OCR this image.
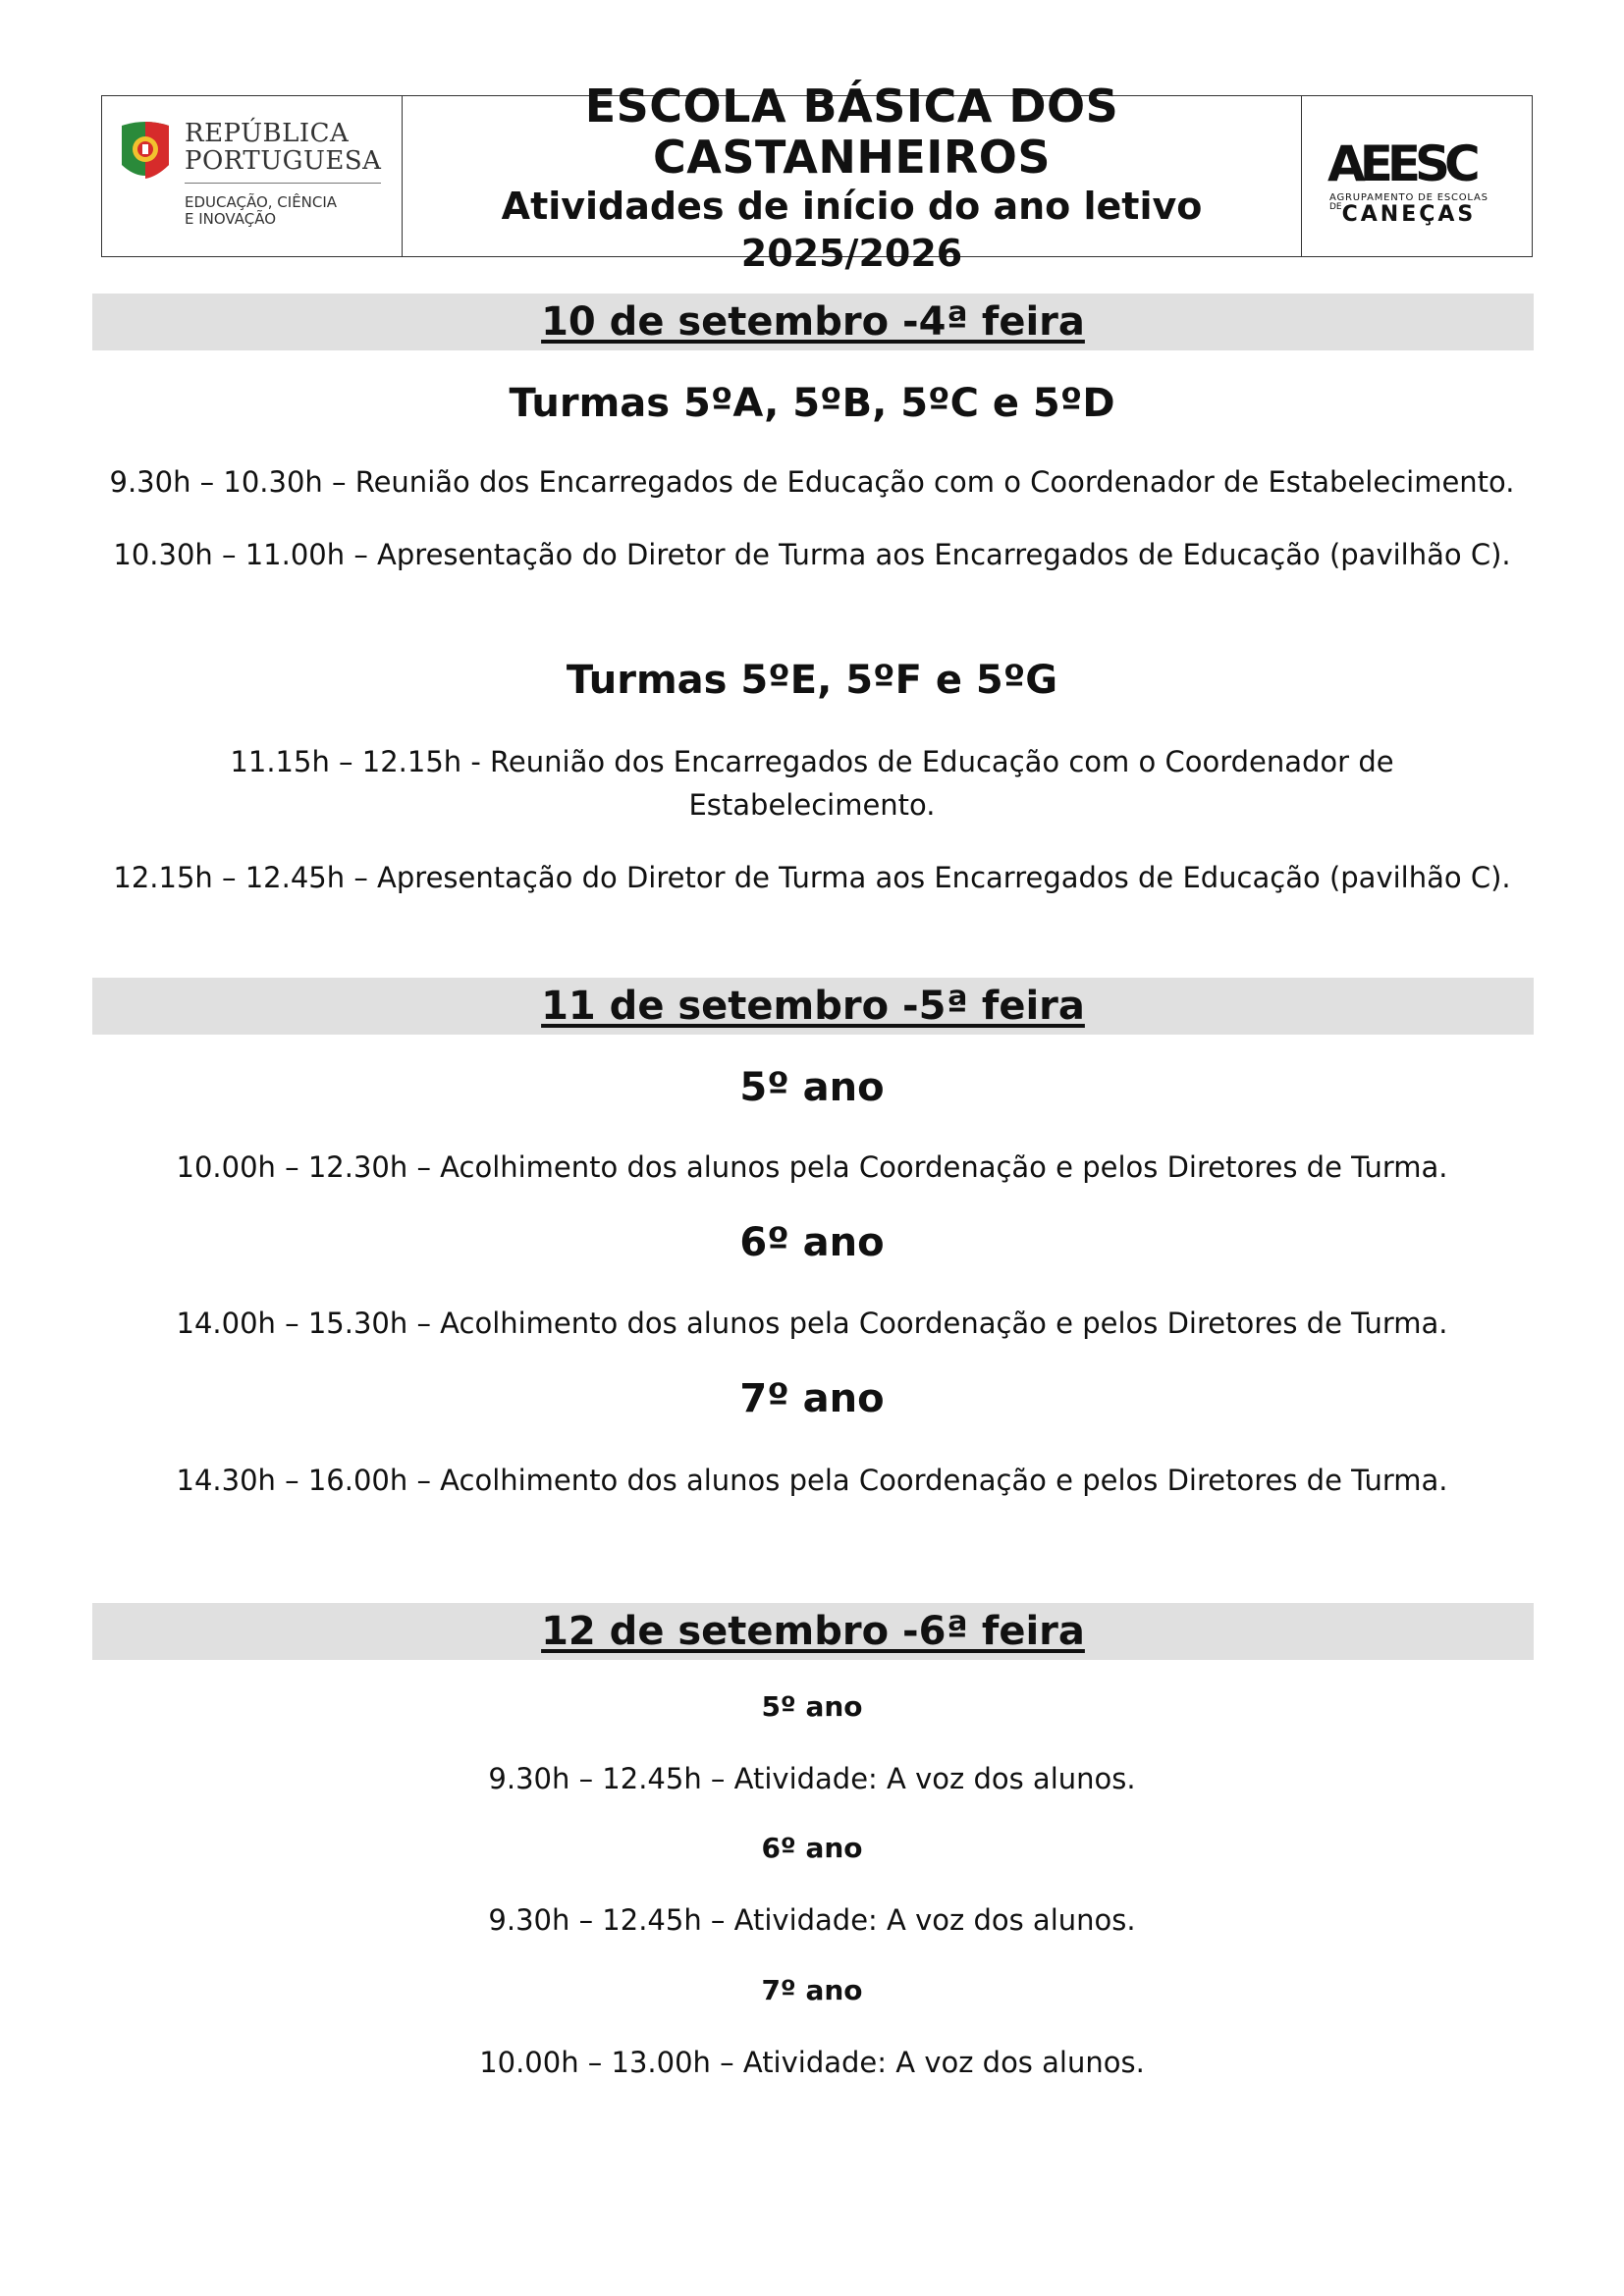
REPÚBLICA
PORTUGUESA
EDUCAÇÃO, CIÊNCIA
E INOVAÇÃO
ESCOLA BÁSICA DOS CASTANHEIROS
Atividades de início do ano letivo
2025/2026
AEESC
AGRUPAMENTO DE ESCOLAS
$^{DE}$CANEÇAS
10 de setembro -4ª feira
Turmas 5ºA, 5ºB, 5ºC e 5ºD
9.30h – 10.30h – Reunião dos Encarregados de Educação com o Coordenador de Estabelecimento.
10.30h – 11.00h – Apresentação do Diretor de Turma aos Encarregados de Educação (pavilhão C).
Turmas 5ºE, 5ºF e 5ºG
11.15h – 12.15h - Reunião dos Encarregados de Educação com o Coordenador de
Estabelecimento.
12.15h – 12.45h – Apresentação do Diretor de Turma aos Encarregados de Educação (pavilhão C).
11 de setembro -5ª feira
5º ano
10.00h – 12.30h – Acolhimento dos alunos pela Coordenação e pelos Diretores de Turma.
6º ano
14.00h – 15.30h – Acolhimento dos alunos pela Coordenação e pelos Diretores de Turma.
7º ano
14.30h – 16.00h – Acolhimento dos alunos pela Coordenação e pelos Diretores de Turma.
12 de setembro -6ª feira
5º ano
9.30h – 12.45h – Atividade: A voz dos alunos.
6º ano
9.30h – 12.45h – Atividade: A voz dos alunos.
7º ano
10.00h – 13.00h – Atividade: A voz dos alunos.
